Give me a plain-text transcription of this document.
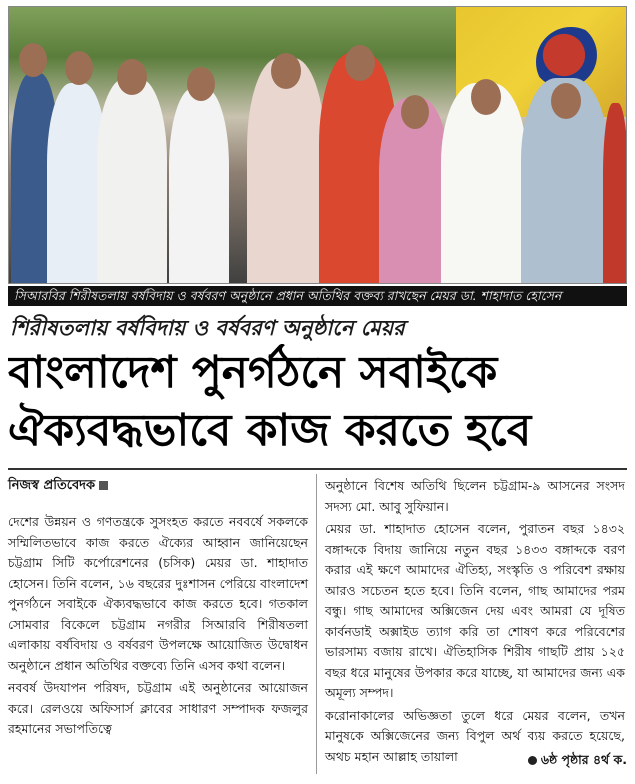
সিআরবির শিরীষতলায় বর্ষবিদায় ও বর্ষবরণ অনুষ্ঠানে প্রধান অতিথির বক্তব্য রাখছেন মেয়র ডা. শাহাদাত হোসেন
শিরীষতলায় বর্ষবিদায় ও বর্ষবরণ অনুষ্ঠানে মেয়র
বাংলাদেশ পুনর্গঠনে সবাইকে
ঐক্যবদ্ধভাবে কাজ করতে হবে
নিজস্ব প্রতিবেদক

দেশের উন্নয়ন ও গণতন্ত্রকে সুসংহত করতে নববর্ষে সকলকে সম্মিলিতভাবে কাজ করতে ঐক্যের আহ্বান জানিয়েছেন চট্টগ্রাম সিটি কর্পোরেশনের (চসিক) মেয়র ডা. শাহাদাত হোসেন। তিনি বলেন, ১৬ বছরের দুঃশাসন পেরিয়ে বাংলাদেশ পুনর্গঠনে সবাইকে ঐক্যবদ্ধভাবে কাজ করতে হবে। গতকাল সোমবার বিকেলে চট্টগ্রাম নগরীর সিআরবি শিরীষতলা এলাকায় বর্ষবিদায় ও বর্ষবরণ উপলক্ষে আয়োজিত উদ্বোধন অনুষ্ঠানে প্রধান অতিথির বক্তব্যে তিনি এসব কথা বলেন।

নববর্ষ উদযাপন পরিষদ, চট্টগ্রাম এই অনুষ্ঠানের আয়োজন করে। রেলওয়ে অফিসার্স ক্লাবের সাধারণ সম্পাদক ফজলুর রহমানের সভাপতিত্বে

অনুষ্ঠানে বিশেষ অতিথি ছিলেন চট্টগ্রাম-৯ আসনের সংসদ সদস্য মো. আবু সুফিয়ান।

মেয়র ডা. শাহাদাত হোসেন বলেন, পুরাতন বছর ১৪৩২ বঙ্গাব্দকে বিদায় জানিয়ে নতুন বছর ১৪৩৩ বঙ্গাব্দকে বরণ করার এই ক্ষণে আমাদের ঐতিহ্য, সংস্কৃতি ও পরিবেশ রক্ষায় আরও সচেতন হতে হবে। তিনি বলেন, গাছ আমাদের পরম বন্ধু। গাছ আমাদের অক্সিজেন দেয় এবং আমরা যে দূষিত কার্বনডাই অক্সাইড ত্যাগ করি তা শোষণ করে পরিবেশের ভারসাম্য বজায় রাখে। ঐতিহাসিক শিরীষ গাছটি প্রায় ১২৫ বছর ধরে মানুষের উপকার করে যাচ্ছে, যা আমাদের জন্য এক অমূল্য সম্পদ।

করোনাকালের অভিজ্ঞতা তুলে ধরে মেয়র বলেন, তখন মানুষকে অক্সিজেনের জন্য বিপুল অর্থ ব্যয় করতে হয়েছে, অথচ মহান আল্লাহ তায়ালা	৬ষ্ঠ পৃষ্ঠার ৪র্থ ক.
